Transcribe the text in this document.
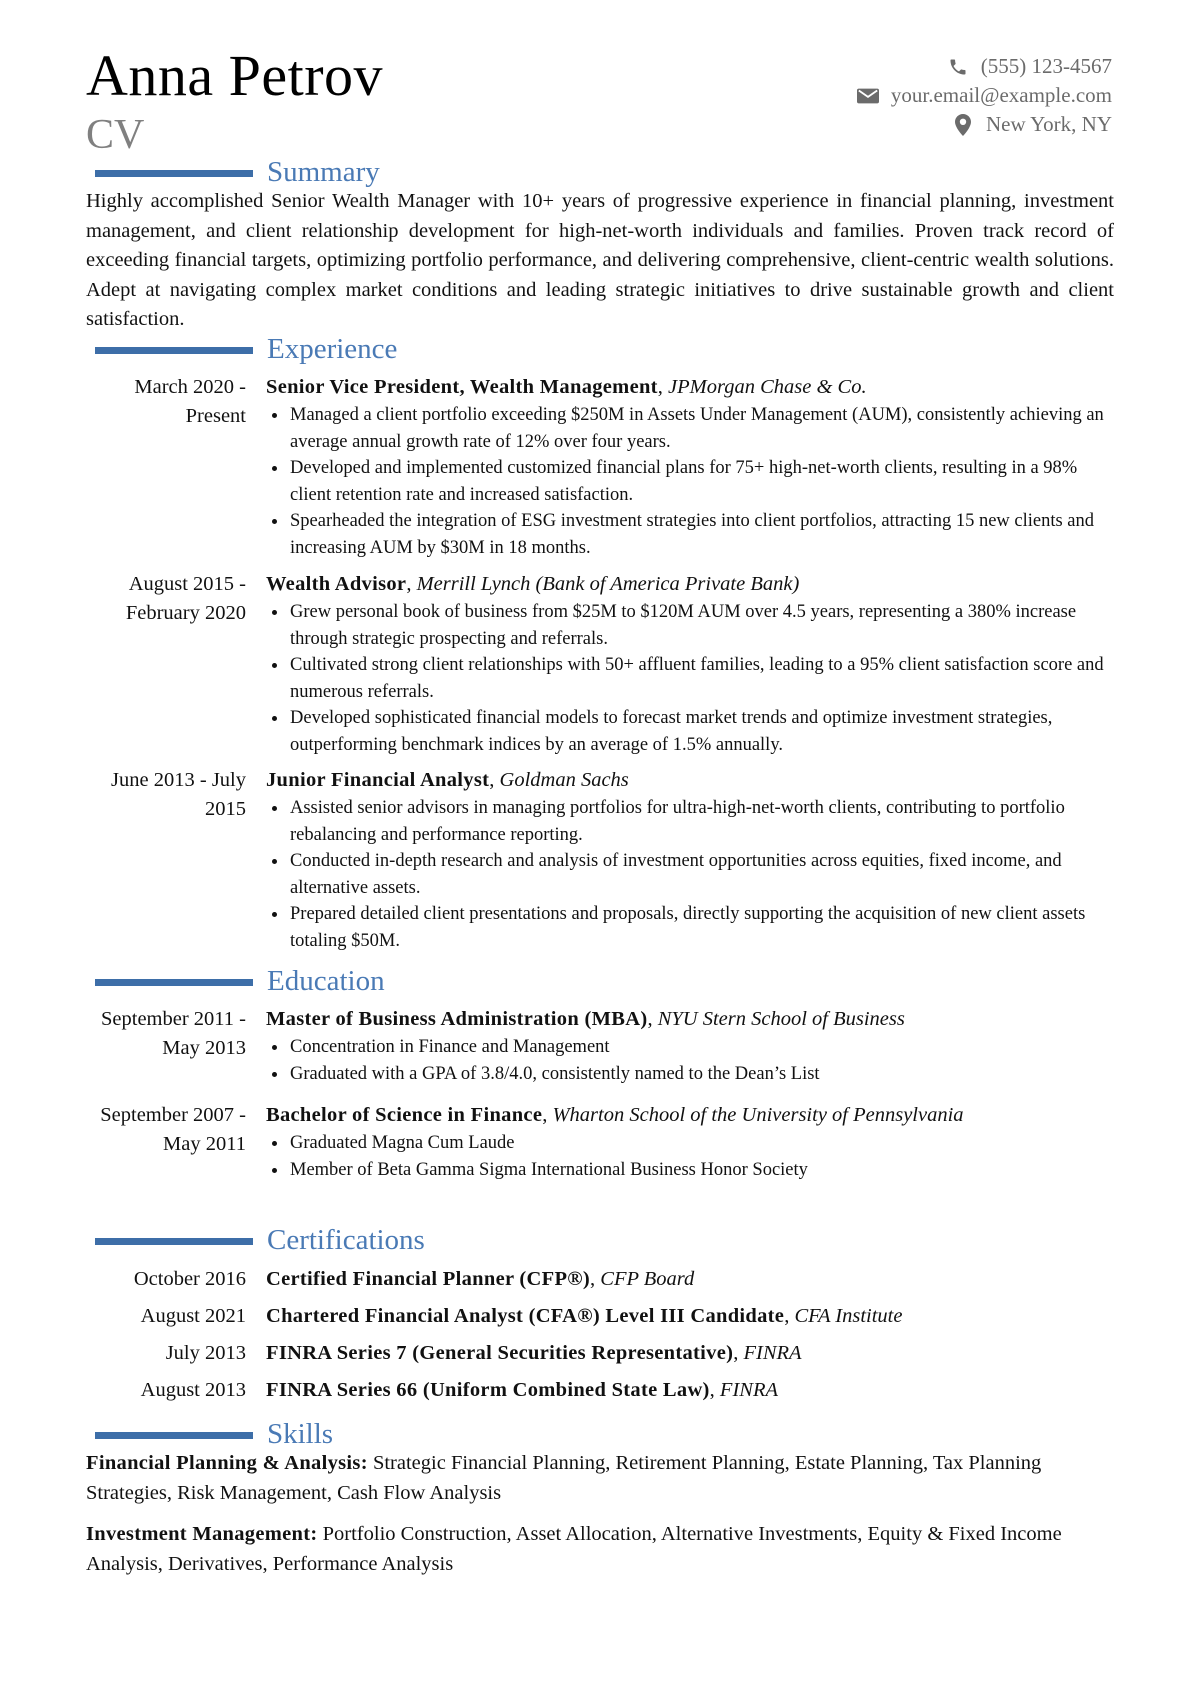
Anna Petrov
CV
(555) 123-4567
your.email@example.com
New York, NY
Summary
Highly accomplished Senior Wealth Manager with 10+ years of progressive experience in financial planning, investment management, and client relationship development for high-net-worth individuals and families. Proven track record of exceeding financial targets, optimizing portfolio performance, and delivering comprehensive, client-centric wealth solutions. Adept at navigating complex market conditions and leading strategic initiatives to drive sustainable growth and client satisfaction.
Experience
March 2020 - Present
Senior Vice President, Wealth Management, JPMorgan Chase & Co.
Managed a client portfolio exceeding $250M in Assets Under Management (AUM), consistently achieving an average annual growth rate of 12% over four years.
Developed and implemented customized financial plans for 75+ high-net-worth clients, resulting in a 98% client retention rate and increased satisfaction.
Spearheaded the integration of ESG investment strategies into client portfolios, attracting 15 new clients and increasing AUM by $30M in 18 months.
August 2015 - February 2020
Wealth Advisor, Merrill Lynch (Bank of America Private Bank)
Grew personal book of business from $25M to $120M AUM over 4.5 years, representing a 380% increase through strategic prospecting and referrals.
Cultivated strong client relationships with 50+ affluent families, leading to a 95% client satisfaction score and numerous referrals.
Developed sophisticated financial models to forecast market trends and optimize investment strategies, outperforming benchmark indices by an average of 1.5% annually.
June 2013 - July 2015
Junior Financial Analyst, Goldman Sachs
Assisted senior advisors in managing portfolios for ultra-high-net-worth clients, contributing to portfolio rebalancing and performance reporting.
Conducted in-depth research and analysis of investment opportunities across equities, fixed income, and alternative assets.
Prepared detailed client presentations and proposals, directly supporting the acquisition of new client assets totaling $50M.
Education
September 2011 - May 2013
Master of Business Administration (MBA), NYU Stern School of Business
Concentration in Finance and Management
Graduated with a GPA of 3.8/4.0, consistently named to the Dean’s List
September 2007 - May 2011
Bachelor of Science in Finance, Wharton School of the University of Pennsylvania
Graduated Magna Cum Laude
Member of Beta Gamma Sigma International Business Honor Society
Certifications
October 2016 Certified Financial Planner (CFP®), CFP Board
August 2021 Chartered Financial Analyst (CFA®) Level III Candidate, CFA Institute
July 2013 FINRA Series 7 (General Securities Representative), FINRA
August 2013 FINRA Series 66 (Uniform Combined State Law), FINRA
Skills
Financial Planning & Analysis: Strategic Financial Planning, Retirement Planning, Estate Planning, Tax Planning Strategies, Risk Management, Cash Flow Analysis
Investment Management: Portfolio Construction, Asset Allocation, Alternative Investments, Equity & Fixed Income Analysis, Derivatives, Performance Analysis
